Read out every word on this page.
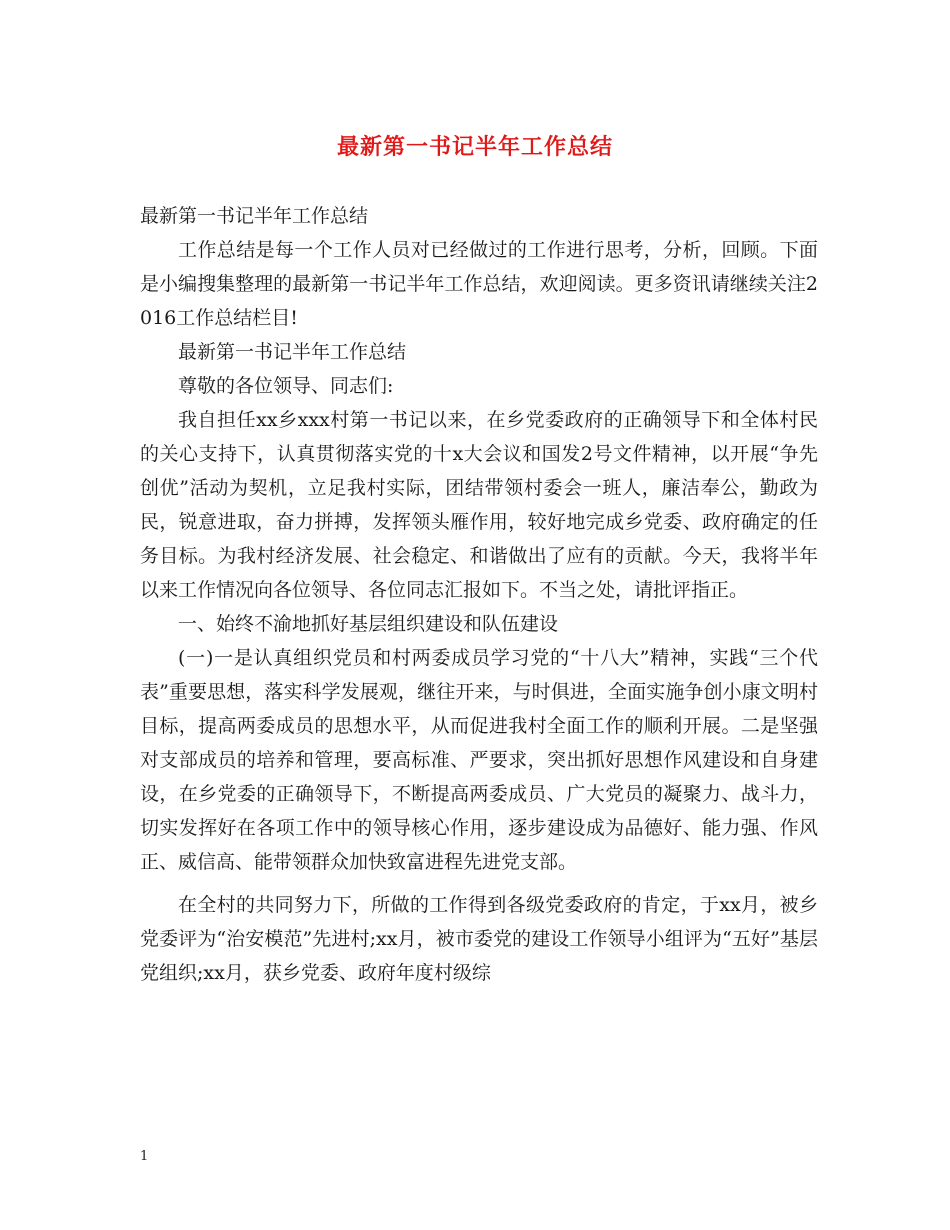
最新第一书记半年工作总结

最新第一书记半年工作总结

工作总结是每一个工作人员对已经做过的工作进行思考，分析，回顾。下面是小编搜集整理的最新第一书记半年工作总结，欢迎阅读。更多资讯请继续关注2016工作总结栏目!

最新第一书记半年工作总结

尊敬的各位领导、同志们:

我自担任xx乡xxx村第一书记以来，在乡党委政府的正确领导下和全体村民的关心支持下，认真贯彻落实党的十x大会议和国发2号文件精神，以开展“争先创优”活动为契机，立足我村实际，团结带领村委会一班人，廉洁奉公，勤政为民，锐意进取，奋力拼搏，发挥领头雁作用，较好地完成乡党委、政府确定的任务目标。为我村经济发展、社会稳定、和谐做出了应有的贡献。今天，我将半年以来工作情况向各位领导、各位同志汇报如下。不当之处，请批评指正。

一、始终不渝地抓好基层组织建设和队伍建设

(一)一是认真组织党员和村两委成员学习党的“十八大”精神，实践“三个代表”重要思想，落实科学发展观，继往开来，与时俱进，全面实施争创小康文明村目标，提高两委成员的思想水平，从而促进我村全面工作的顺利开展。二是坚强对支部成员的培养和管理，要高标准、严要求，突出抓好思想作风建设和自身建设，在乡党委的正确领导下，不断提高两委成员、广大党员的凝聚力、战斗力，切实发挥好在各项工作中的领导核心作用，逐步建设成为品德好、能力强、作风正、威信高、能带领群众加快致富进程先进党支部。

在全村的共同努力下，所做的工作得到各级党委政府的肯定，于xx月，被乡党委评为“治安模范”先进村;xx月，被市委党的建设工作领导小组评为“五好”基层党组织;xx月，获乡党委、政府年度村级综

1
